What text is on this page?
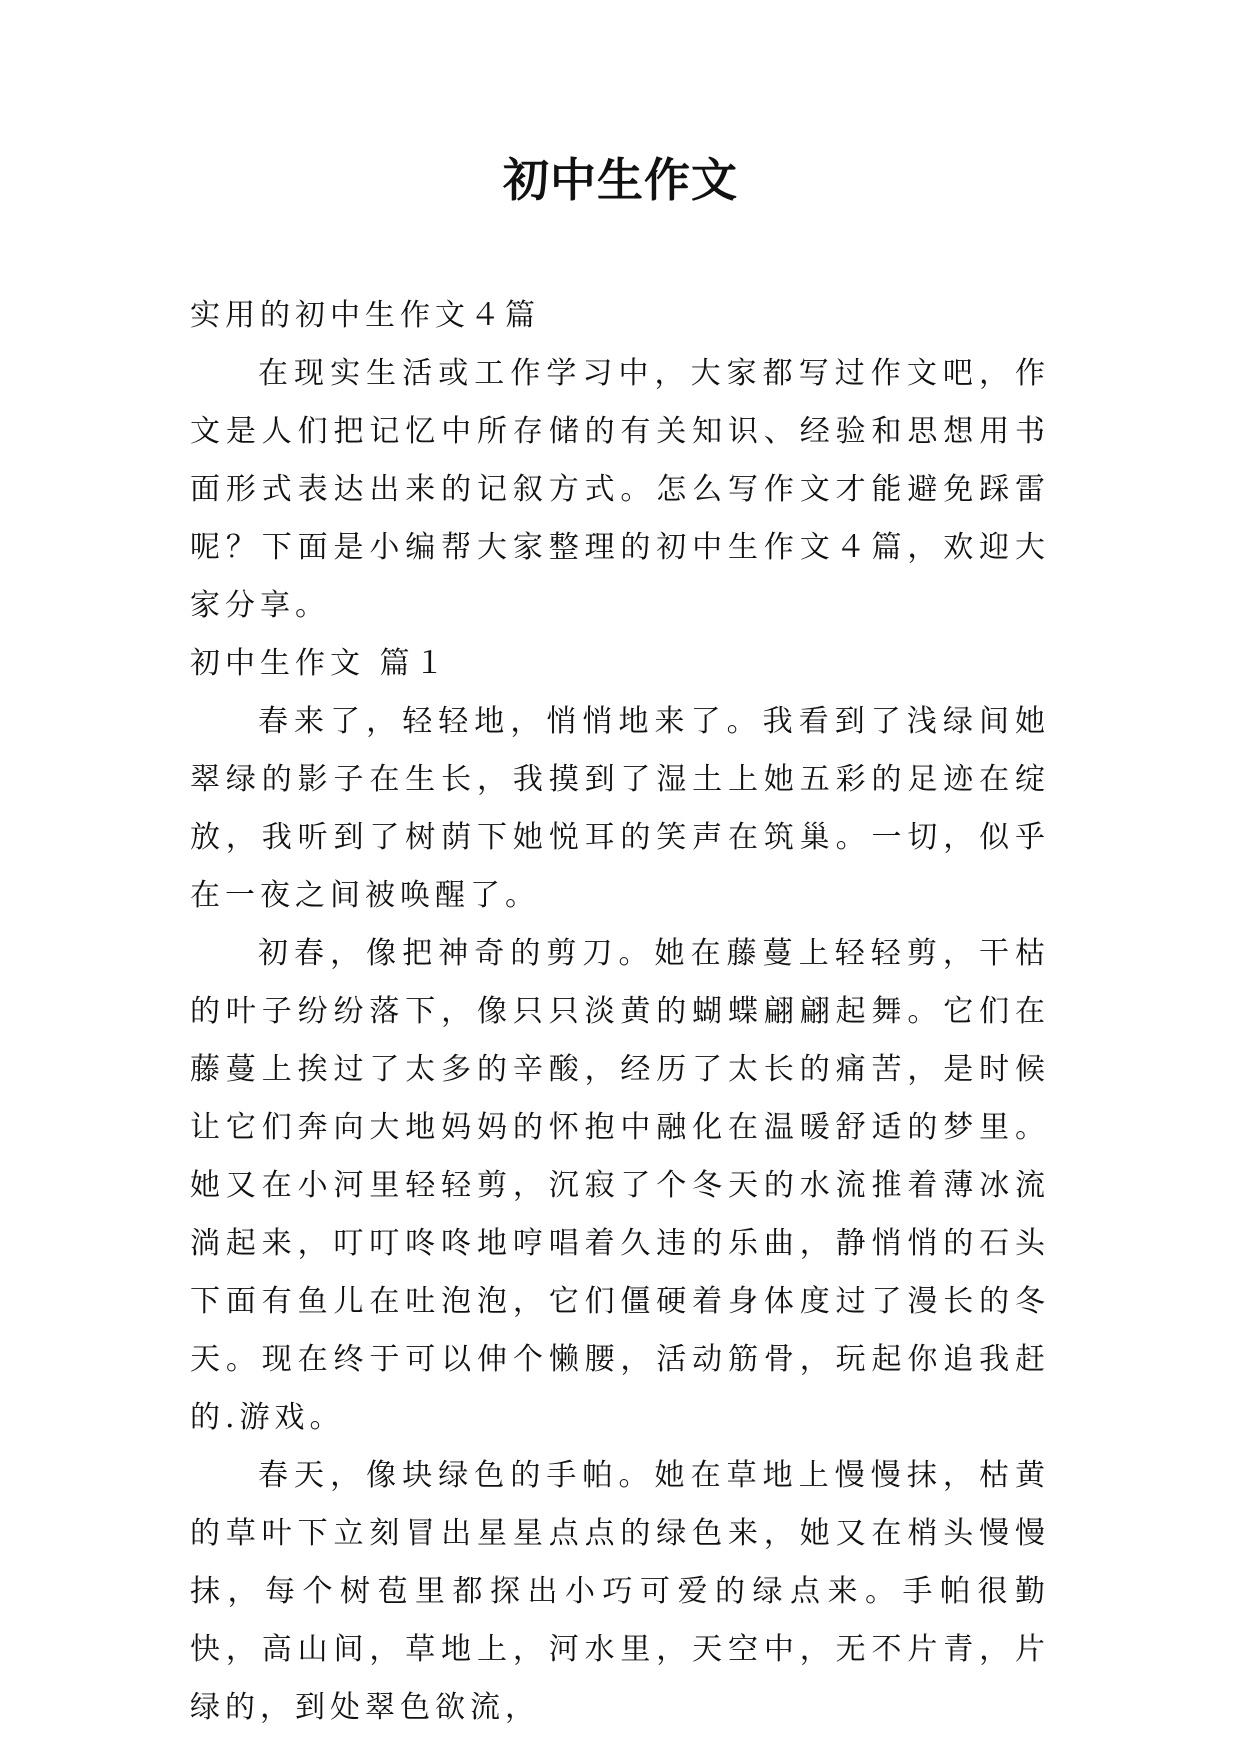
初中生作文

实用的初中生作文４篇

在现实生活或工作学习中，大家都写过作文吧，作文是人们把记忆中所存储的有关知识、经验和思想用书面形式表达出来的记叙方式。怎么写作文才能避免踩雷呢？下面是小编帮大家整理的初中生作文４篇，欢迎大家分享。

初中生作文 篇１

春来了，轻轻地，悄悄地来了。我看到了浅绿间她翠绿的影子在生长，我摸到了湿土上她五彩的足迹在绽放，我听到了树荫下她悦耳的笑声在筑巢。一切，似乎在一夜之间被唤醒了。

初春，像把神奇的剪刀。她在藤蔓上轻轻剪，干枯的叶子纷纷落下，像只只淡黄的蝴蝶翩翩起舞。它们在藤蔓上挨过了太多的辛酸，经历了太长的痛苦，是时候让它们奔向大地妈妈的怀抱中融化在温暖舒适的梦里。她又在小河里轻轻剪，沉寂了个冬天的水流推着薄冰流淌起来，叮叮咚咚地哼唱着久违的乐曲，静悄悄的石头下面有鱼儿在吐泡泡，它们僵硬着身体度过了漫长的冬天。现在终于可以伸个懒腰，活动筋骨，玩起你追我赶的.游戏。

春天，像块绿色的手帕。她在草地上慢慢抹，枯黄的草叶下立刻冒出星星点点的绿色来，她又在梢头慢慢抹，每个树苞里都探出小巧可爱的绿点来。手帕很勤快，高山间，草地上，河水里，天空中，无不片青，片绿的，到处翠色欲流，
